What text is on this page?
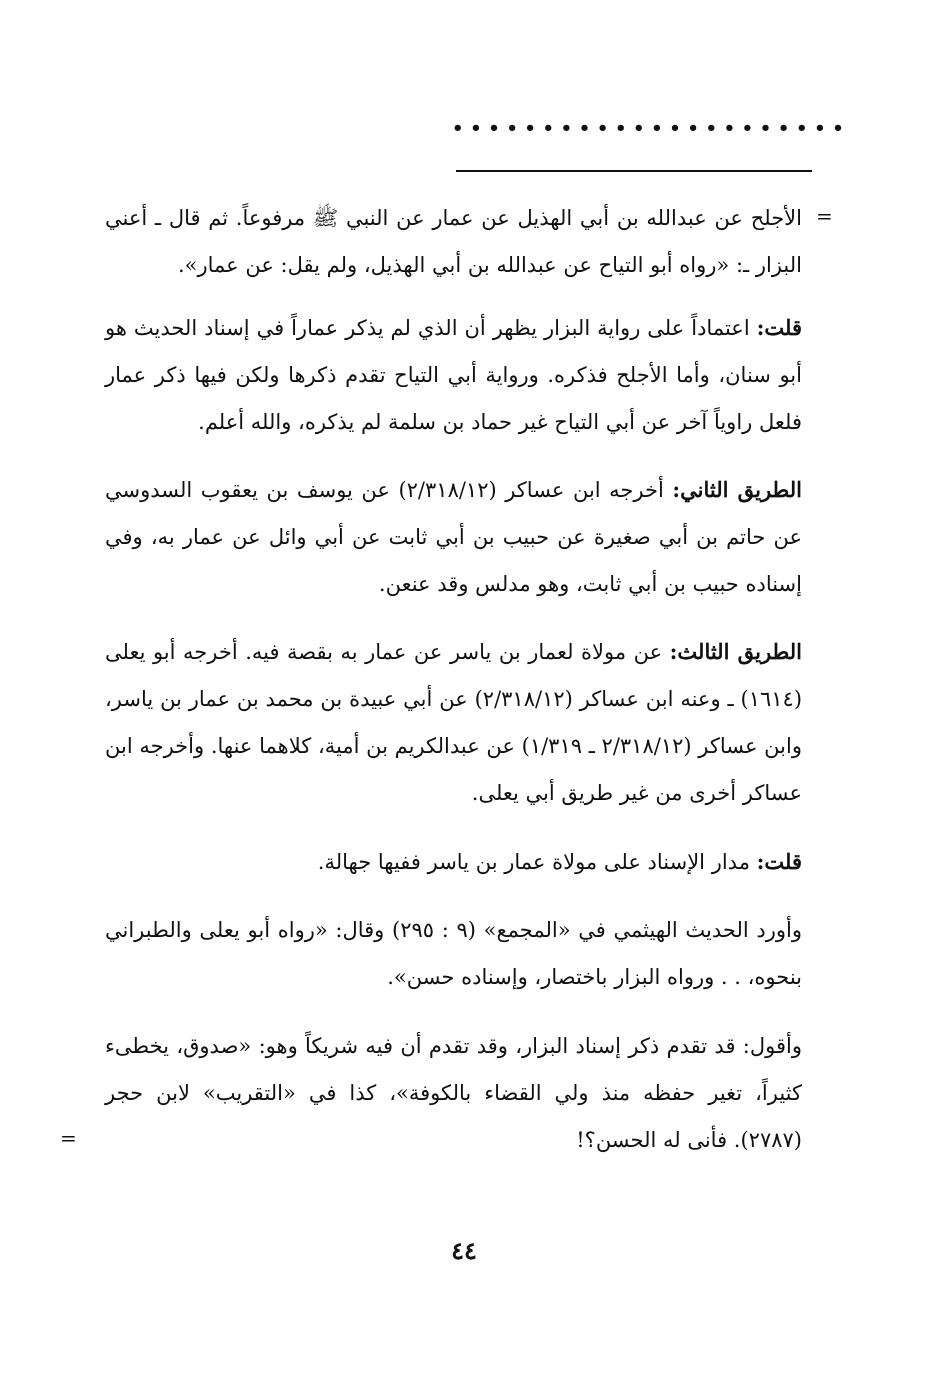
••••••••••••••••••••••
=
الأجلح عن عبدالله بن أبي الهذيل عن عمار عن النبي ﷺ مرفوعاً. ثم قال ـ أعني البزار ـ: «رواه أبو التياح عن عبدالله بن أبي الهذيل، ولم يقل: عن عمار».
قلت: اعتماداً على رواية البزار يظهر أن الذي لم يذكر عماراً في إسناد الحديث هو أبو سنان، وأما الأجلح فذكره. ورواية أبي التياح تقدم ذكرها ولكن فيها ذكر عمار فلعل راوياً آخر عن أبي التياح غير حماد بن سلمة لم يذكره، والله أعلم.
الطريق الثاني: أخرجه ابن عساكر (٢/٣١٨/١٢) عن يوسف بن يعقوب السدوسي عن حاتم بن أبي صغيرة عن حبيب بن أبي ثابت عن أبي وائل عن عمار به، وفي إسناده حبيب بن أبي ثابت، وهو مدلس وقد عنعن.
الطريق الثالث: عن مولاة لعمار بن ياسر عن عمار به بقصة فيه. أخرجه أبو يعلى (١٦١٤) ـ وعنه ابن عساكر (٢/٣١٨/١٢) عن أبي عبيدة بن محمد بن عمار بن ياسر، وابن عساكر (٢/٣١٨/١٢ ـ ١/٣١٩) عن عبدالكريم بن أمية، كلاهما عنها. وأخرجه ابن عساكر أخرى من غير طريق أبي يعلى.
قلت: مدار الإسناد على مولاة عمار بن ياسر ففيها جهالة.
وأورد الحديث الهيثمي في «المجمع» (٩ : ٢٩٥) وقال: «رواه أبو يعلى والطبراني بنحوه، . . ورواه البزار باختصار، وإسناده حسن».
وأقول: قد تقدم ذكر إسناد البزار، وقد تقدم أن فيه شريكاً وهو: «صدوق، يخطىء كثيراً، تغير حفظه منذ ولي القضاء بالكوفة»، كذا في «التقريب» لابن حجر (٢٧٨٧). فأنى له الحسن؟!
=
٤٤
